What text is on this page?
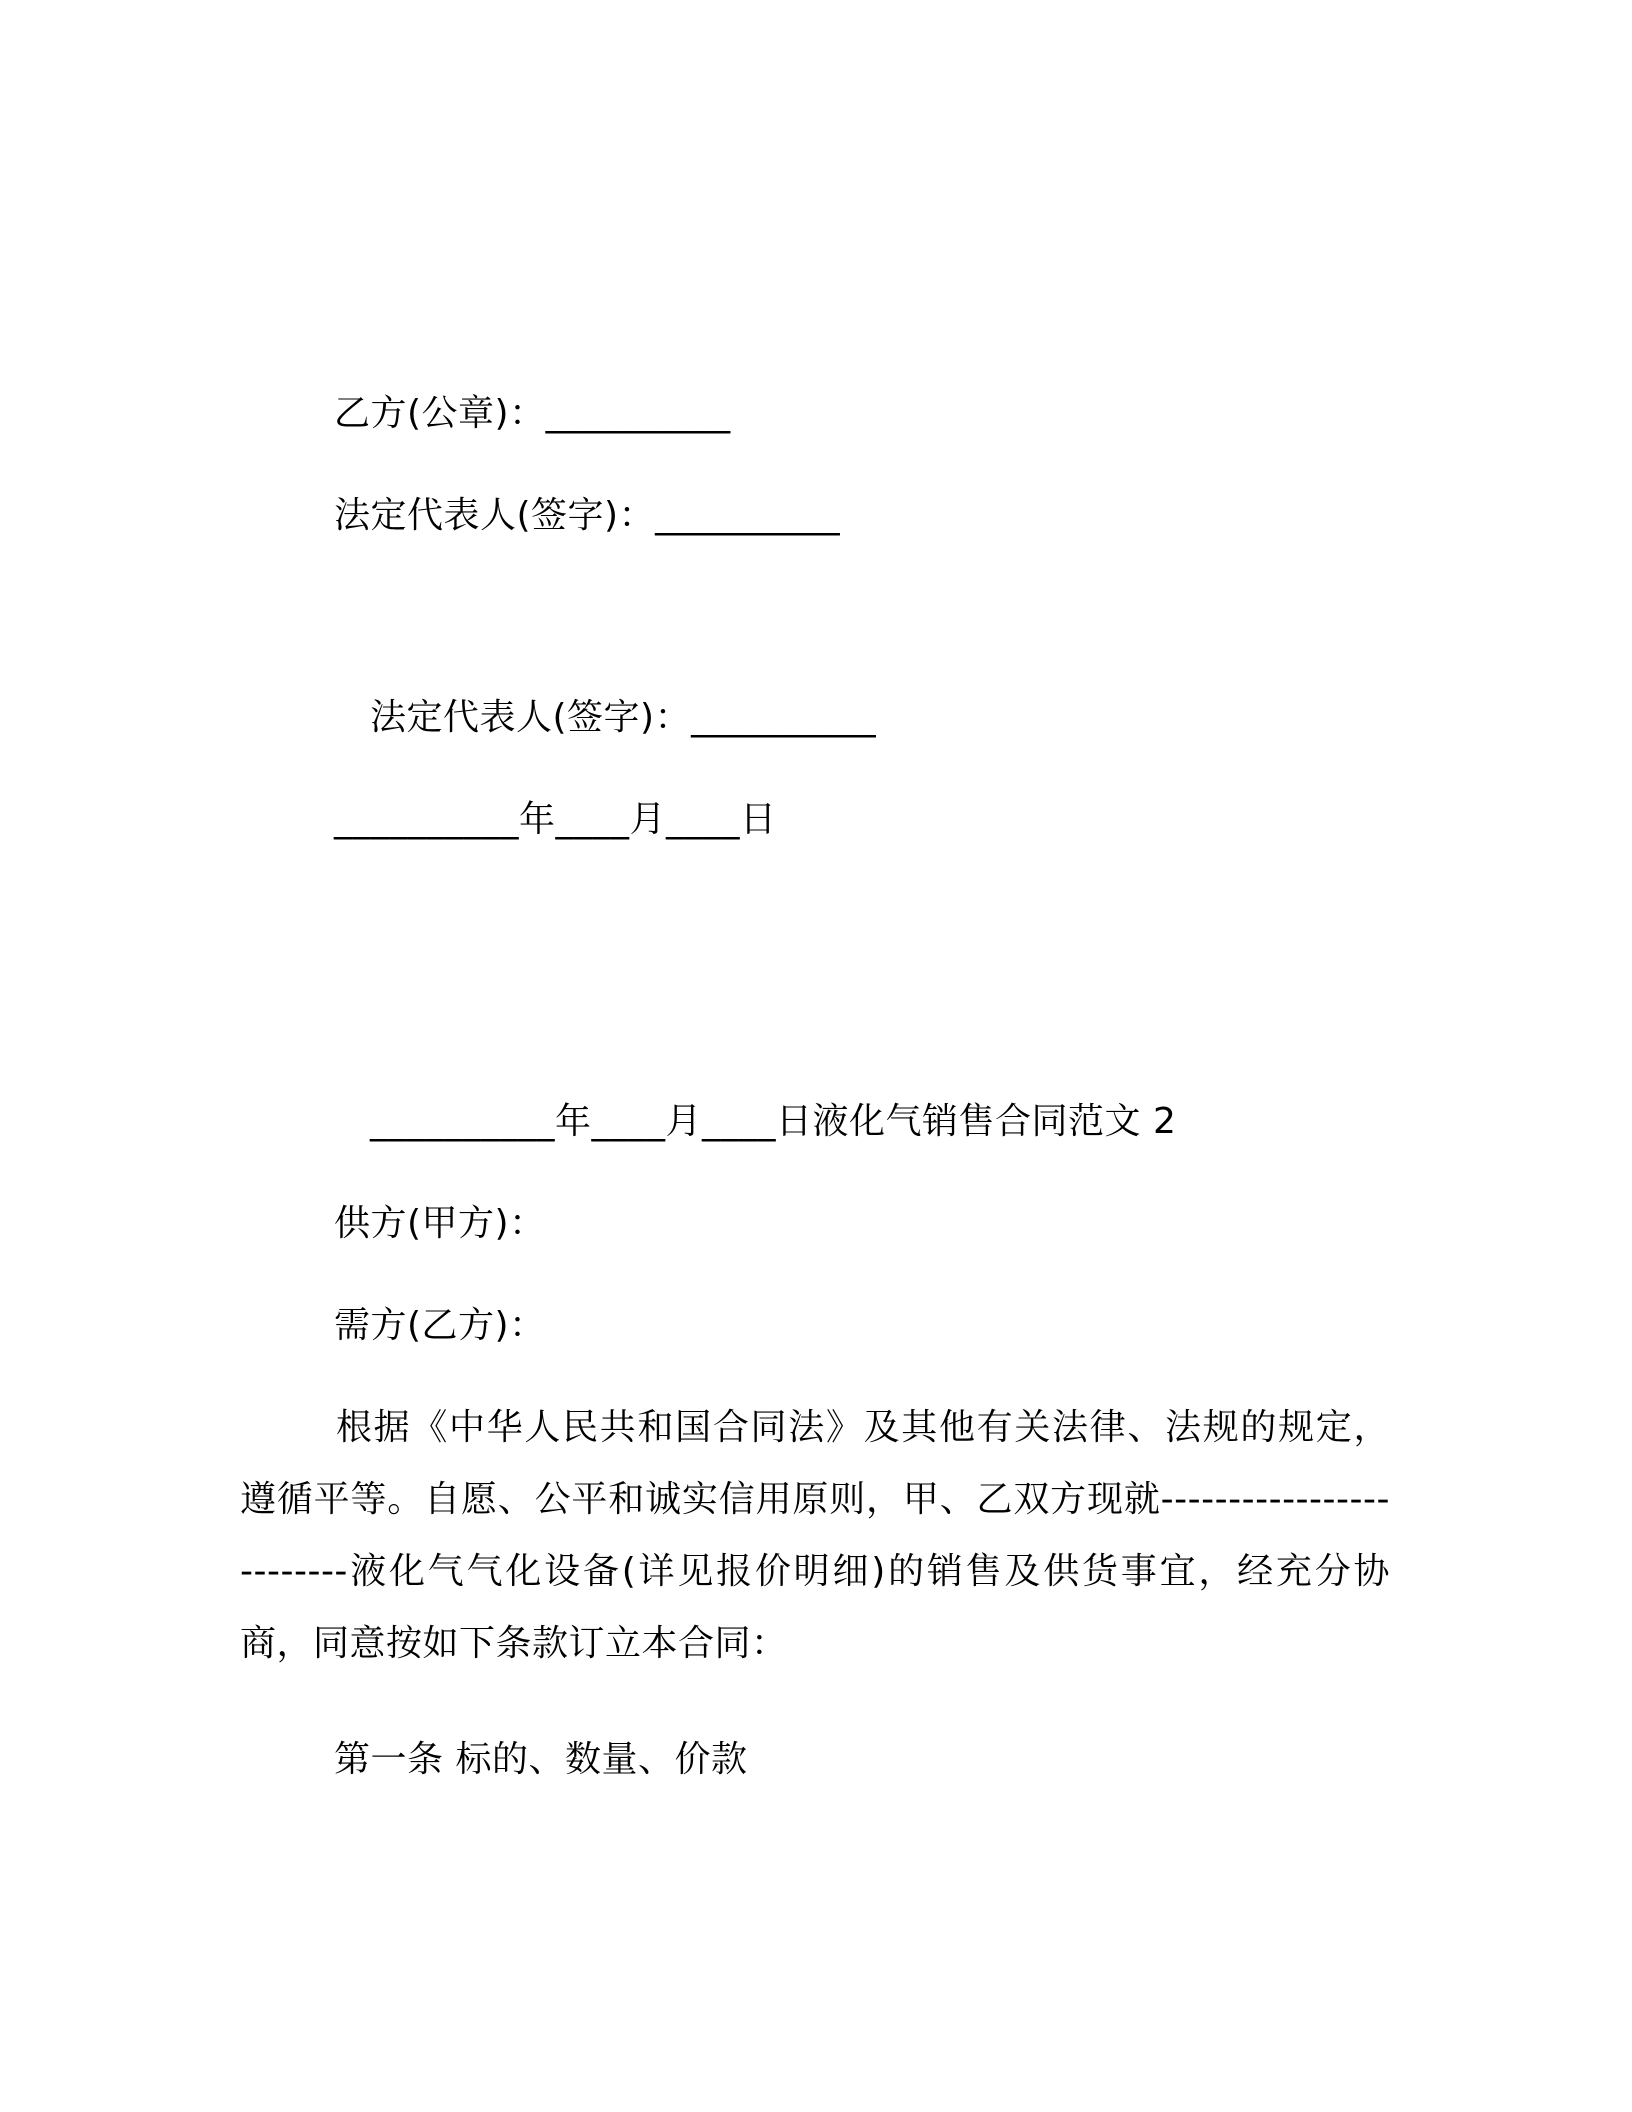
乙方(公章)：__________
法定代表人(签字)：__________
法定代表人(签字)：__________
__________年____月____日
__________年____月____日液化气销售合同范文 2
供方(甲方)：
需方(乙方)：
根据《中华人民共和国合同法》及其他有关法律、法规的规定，遵循平等。自愿、公平和诚实信用原则，甲、乙双方现就-------------------------液化气气化设备(详见报价明细)的销售及供货事宜，经充分协商，同意按如下条款订立本合同：
第一条 标的、数量、价款
